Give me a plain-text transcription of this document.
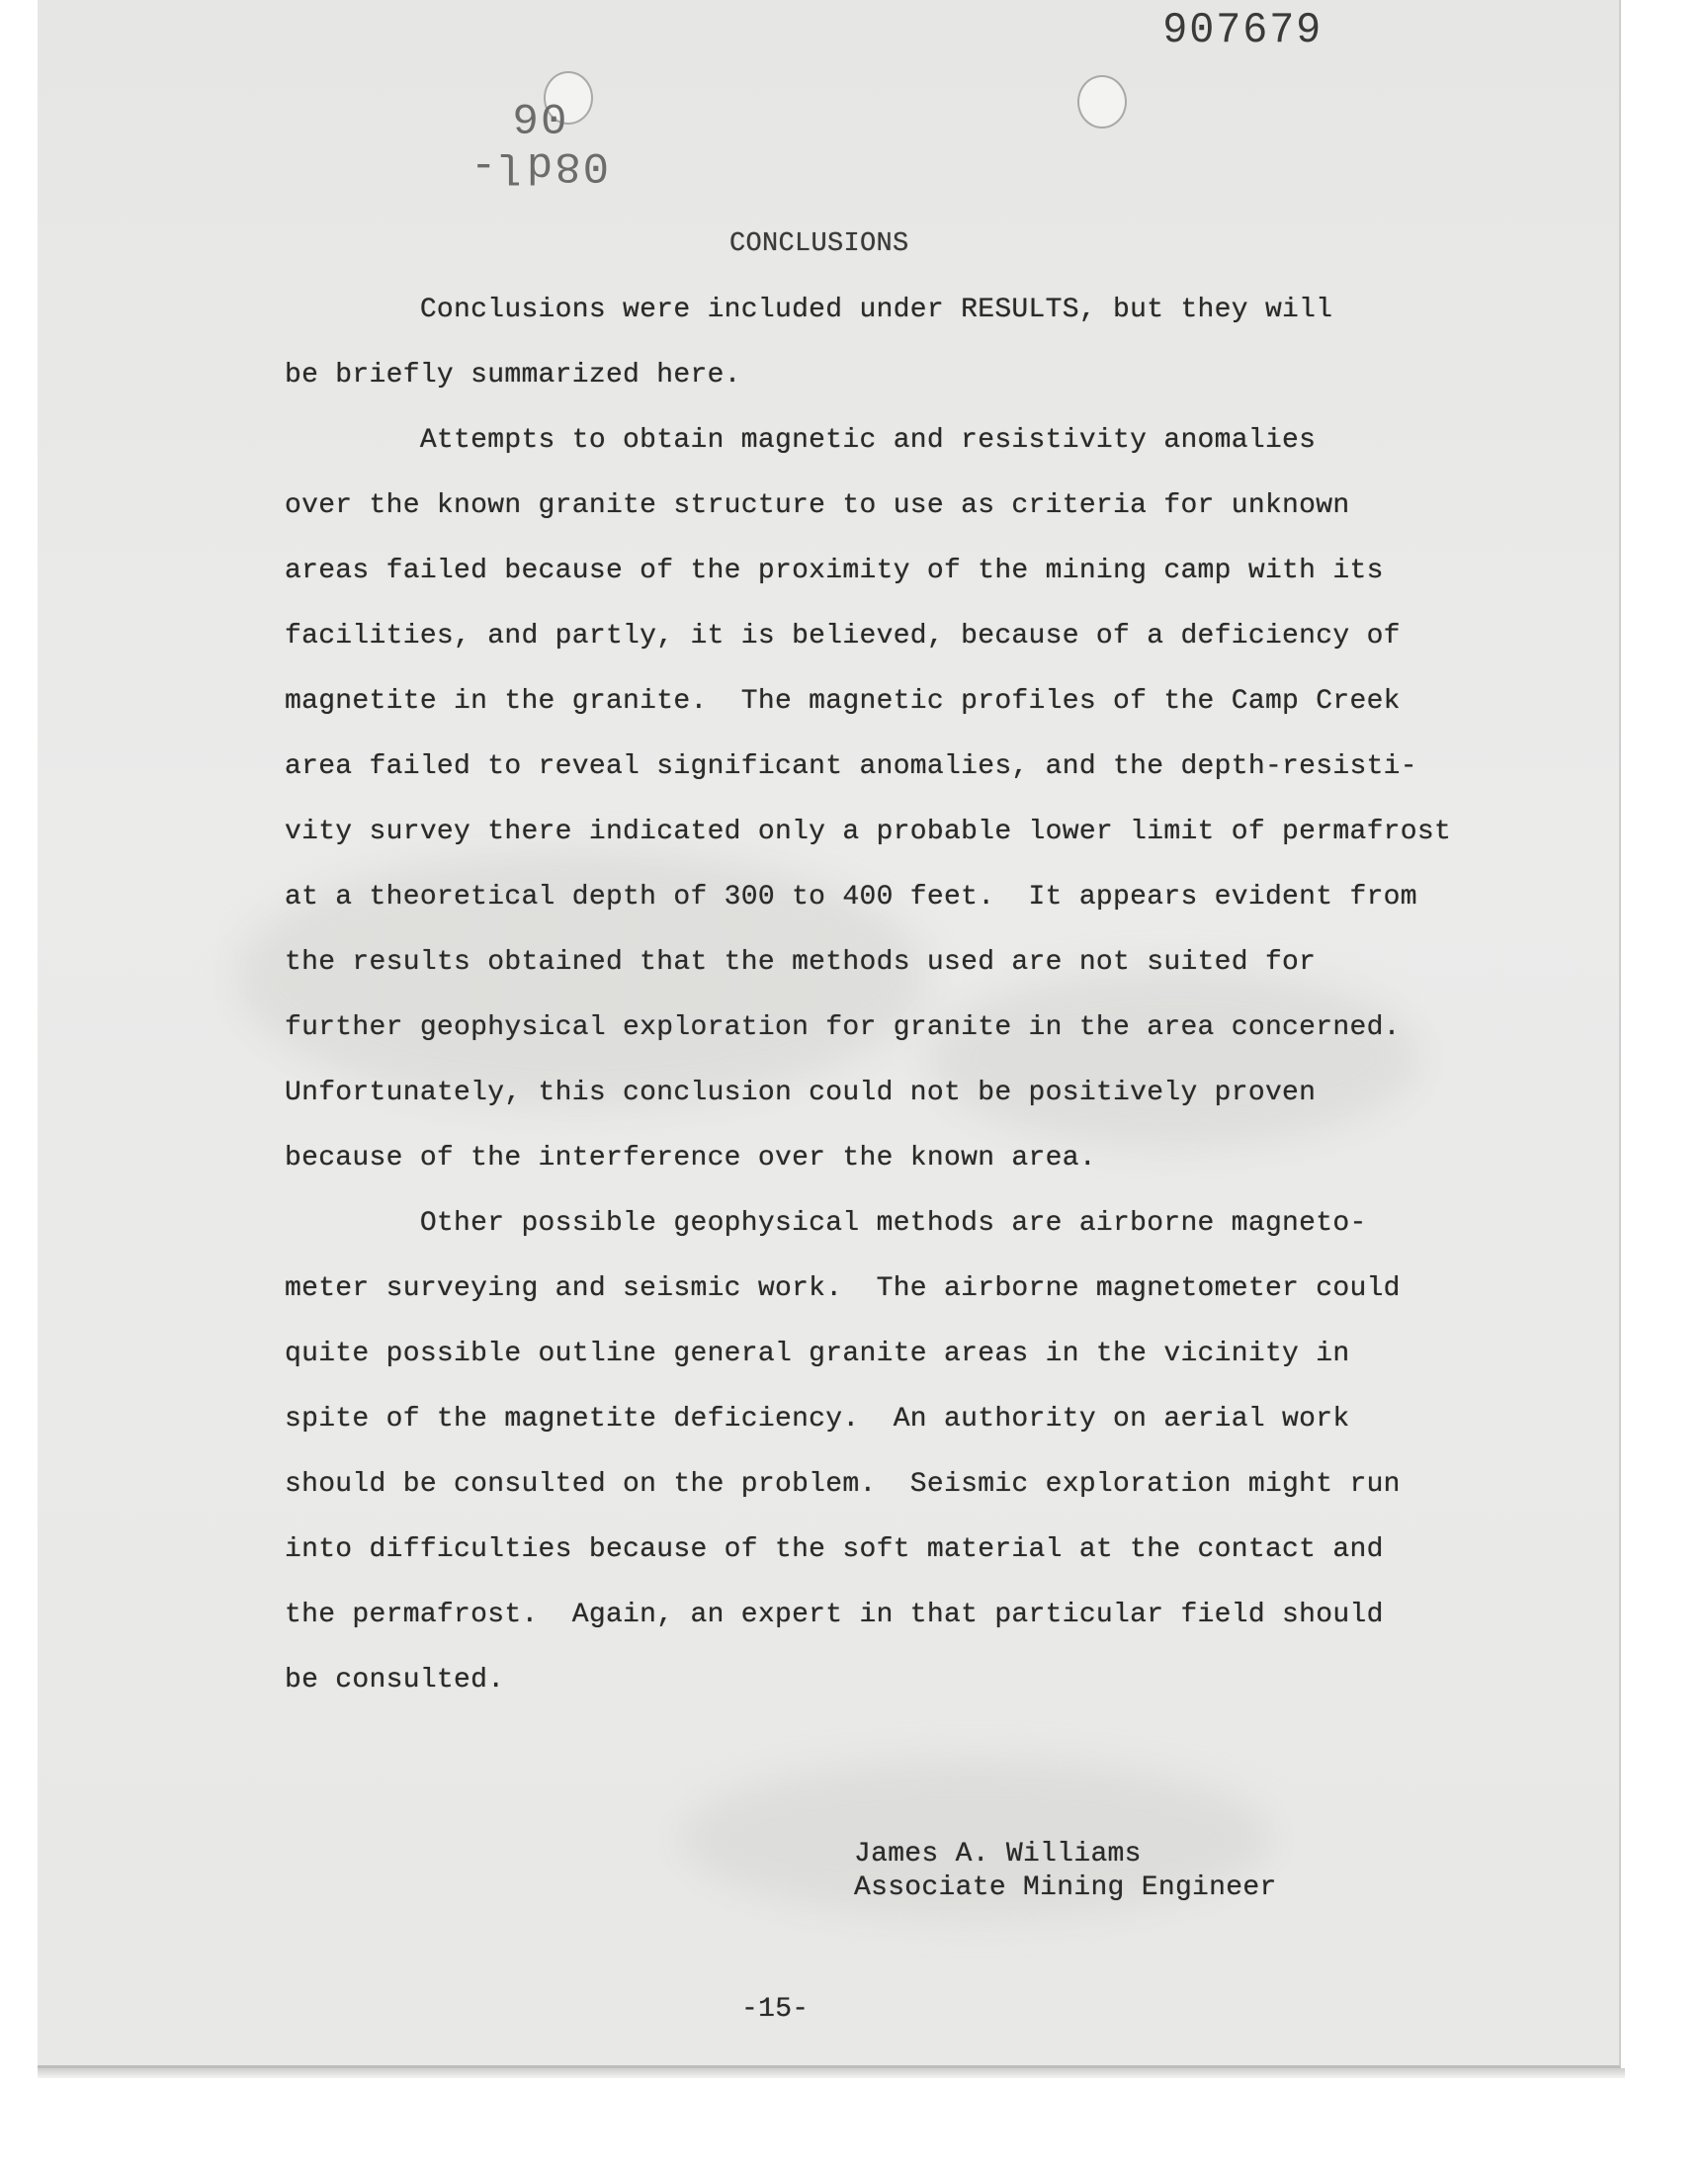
907679
08dl-06
CONCLUSIONS
Conclusions were included under RESULTS, but they will
be briefly summarized here.
Attempts to obtain magnetic and resistivity anomalies
over the known granite structure to use as criteria for unknown
areas failed because of the proximity of the mining camp with its
facilities, and partly, it is believed, because of a deficiency of
magnetite in the granite.  The magnetic profiles of the Camp Creek
area failed to reveal significant anomalies, and the depth-resisti-
vity survey there indicated only a probable lower limit of permafrost
at a theoretical depth of 300 to 400 feet.  It appears evident from
the results obtained that the methods used are not suited for
further geophysical exploration for granite in the area concerned.
Unfortunately, this conclusion could not be positively proven
because of the interference over the known area.
Other possible geophysical methods are airborne magneto-
meter surveying and seismic work.  The airborne magnetometer could
quite possible outline general granite areas in the vicinity in
spite of the magnetite deficiency.  An authority on aerial work
should be consulted on the problem.  Seismic exploration might run
into difficulties because of the soft material at the contact and
the permafrost.  Again, an expert in that particular field should
be consulted.
James A. Williams
Associate Mining Engineer
-15-
